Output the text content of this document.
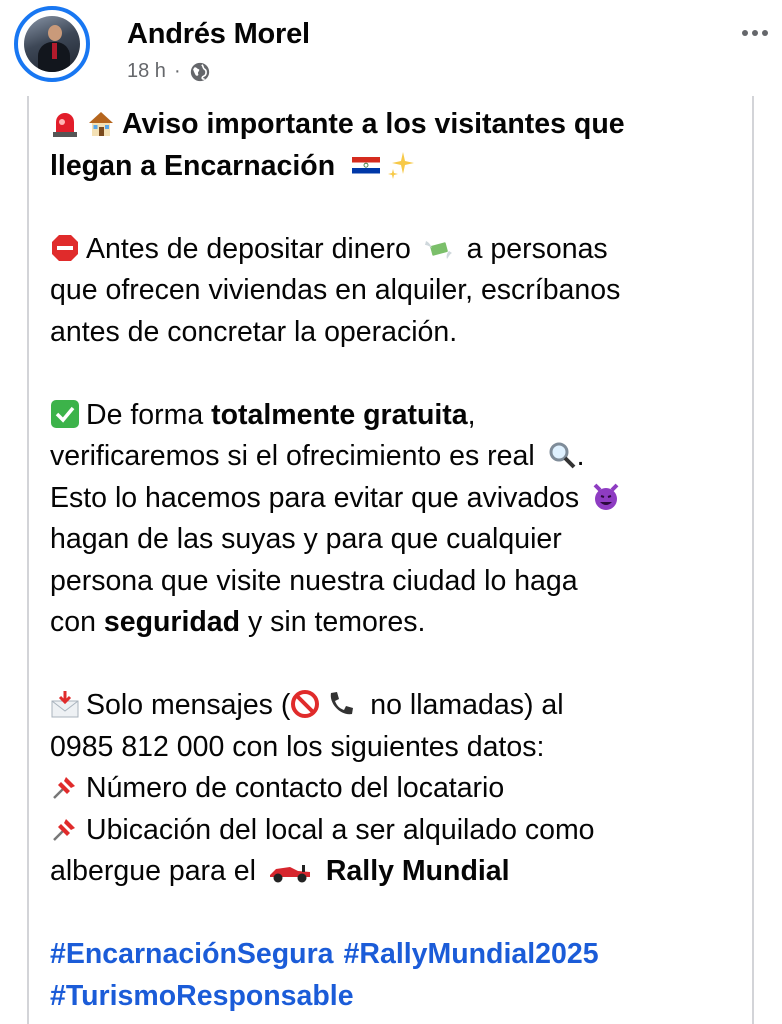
Andrés Morel
18 h ·

Aviso importante a los visitantes que
llegan a Encarnación

Antes de depositar dinero a personas
que ofrecen viviendas en alquiler, escríbanos
antes de concretar la operación.

De forma totalmente gratuita,
verificaremos si el ofrecimiento es real .
Esto lo hacemos para evitar que avivados
hagan de las suyas y para que cualquier
persona que visite nuestra ciudad lo haga
con seguridad y sin temores.

Solo mensajes (	no llamadas) al
0985 812 000 con los siguientes datos:
Número de contacto del locatario
Ubicación del local a ser alquilado como
albergue para el Rally Mundial

#EncarnaciónSegura #RallyMundial2025
#TurismoResponsable
